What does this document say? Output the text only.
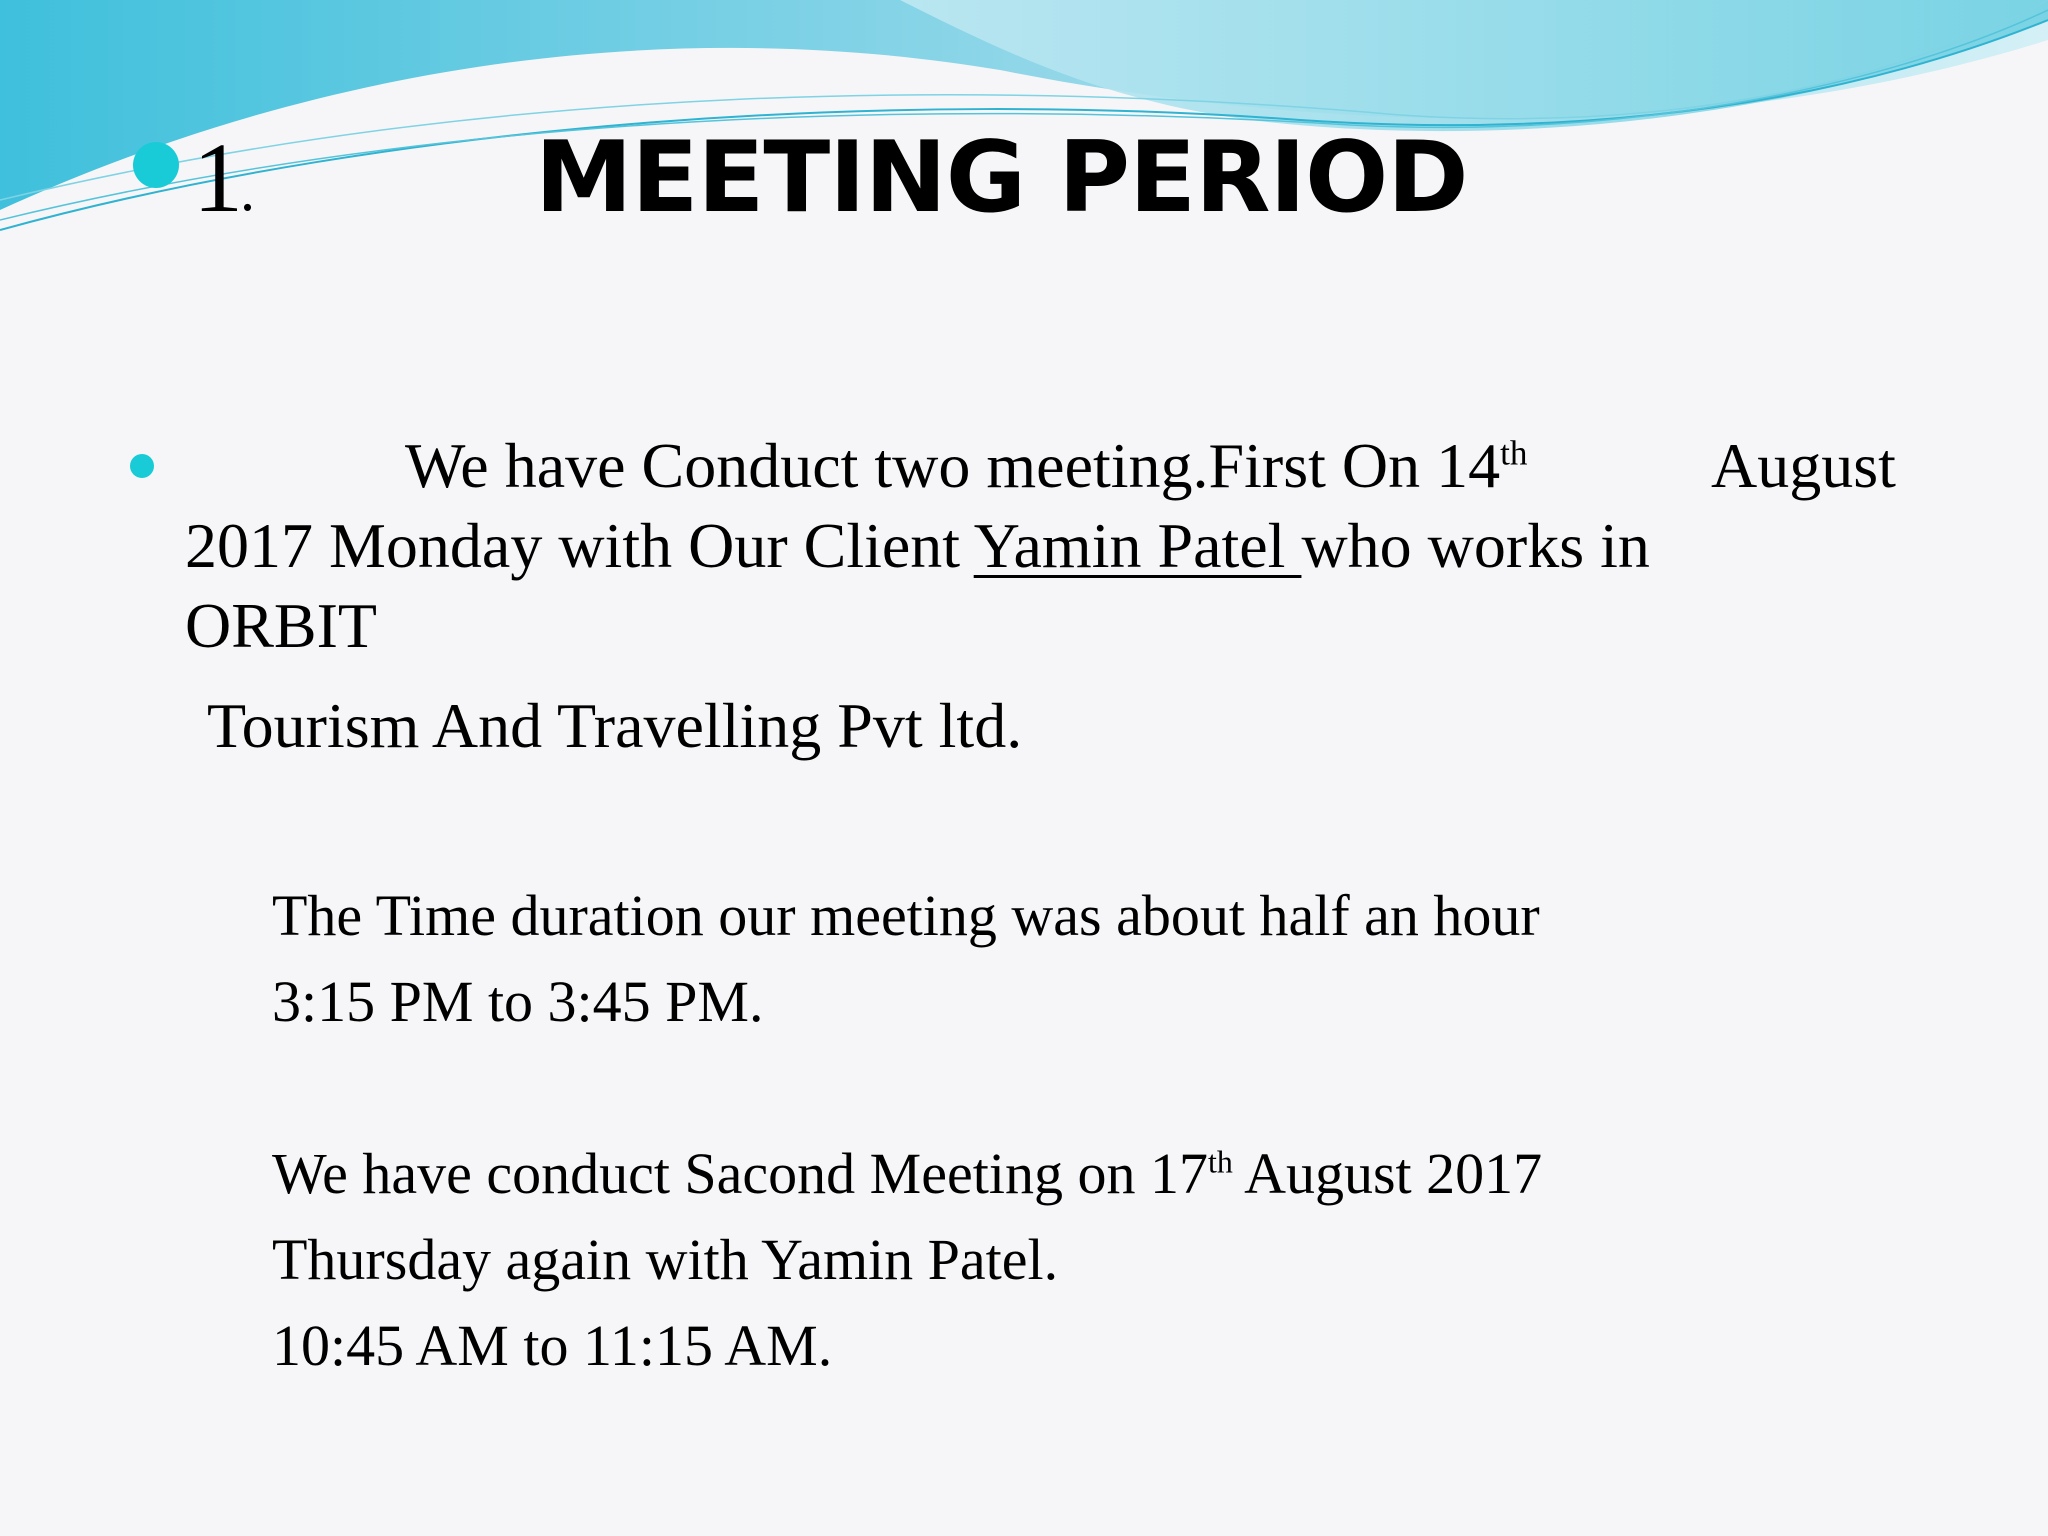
1
.	MEETING PERIOD
We have Conduct two meeting.First On 14th	August
2017 Monday with Our Client Yamin Patel who works in
ORBIT
Tourism And Travelling Pvt ltd.
The Time duration our meeting was about half an hour
3:15 PM to 3:45 PM.
We have conduct Sacond Meeting on 17th August 2017
Thursday again with Yamin Patel.
10:45 AM to 11:15 AM.
